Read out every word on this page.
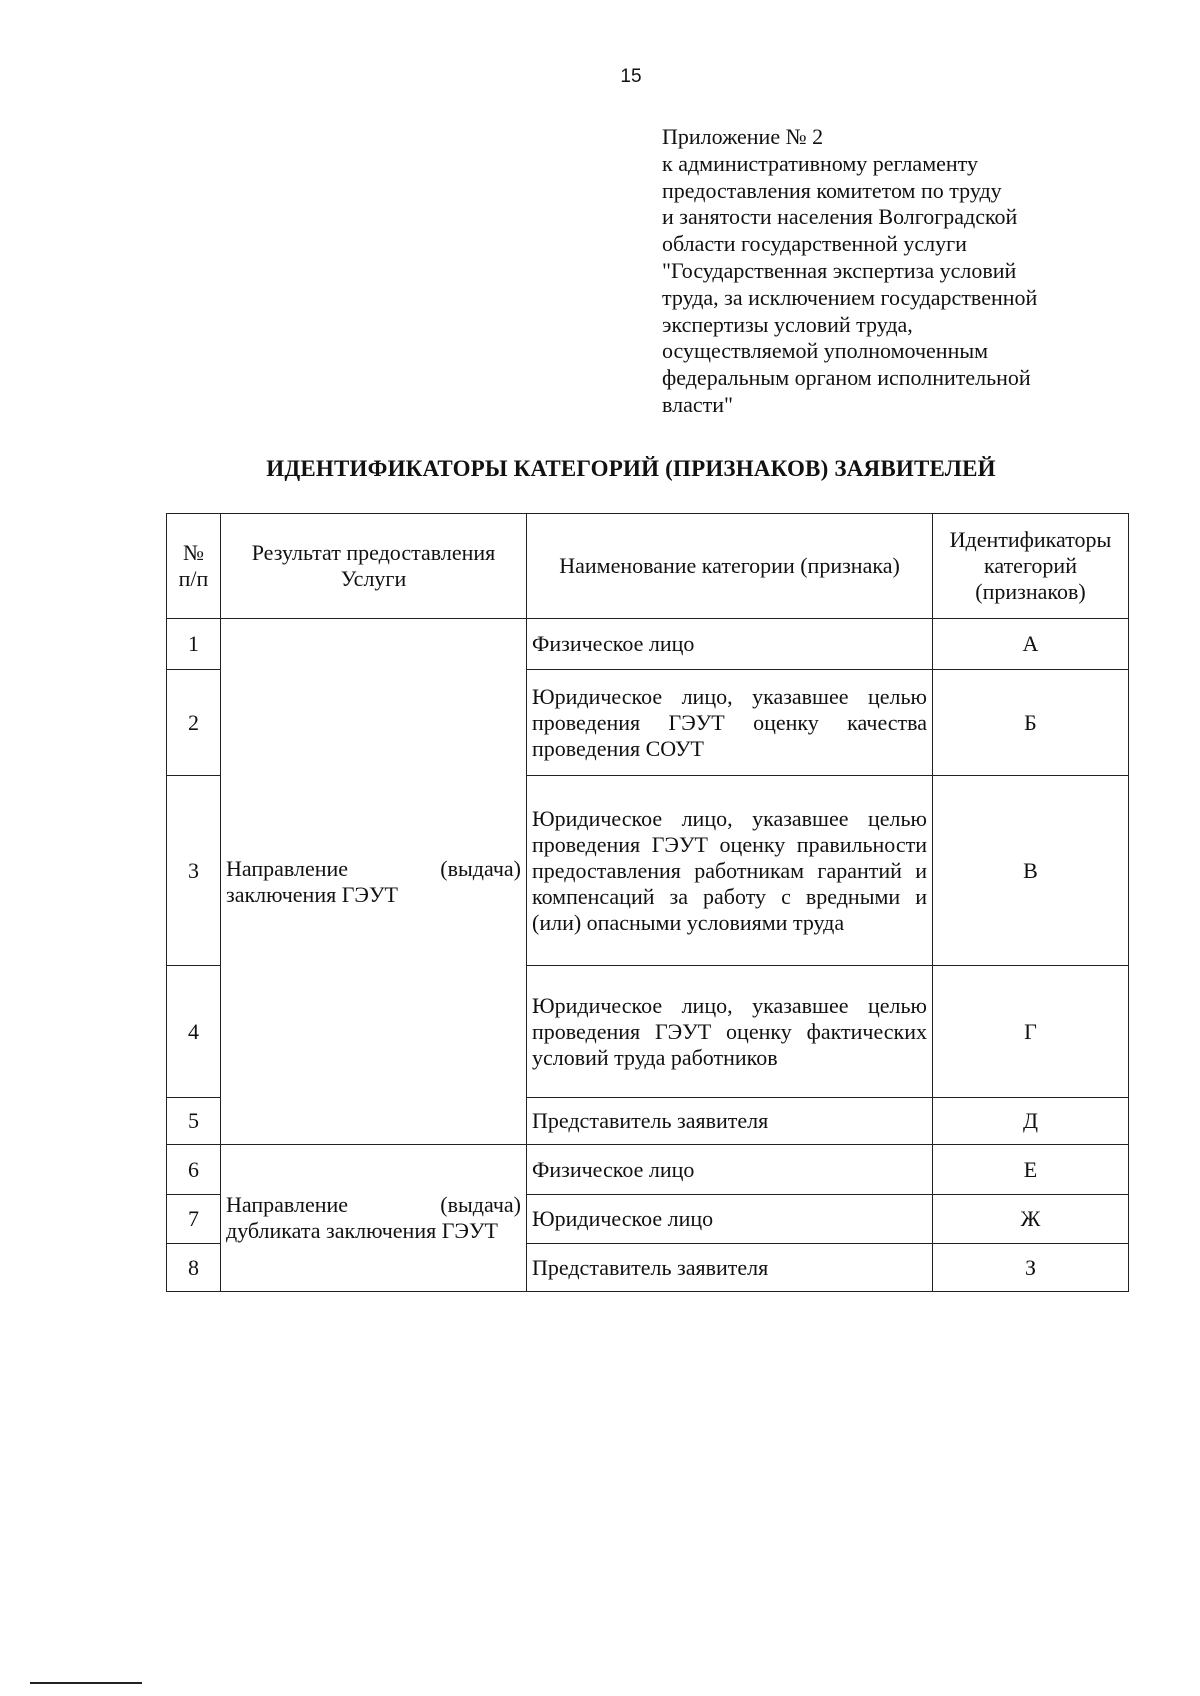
15
Приложение № 2
к административному регламенту
предоставления комитетом по труду
и занятости населения Волгоградской
области государственной услуги
"Государственная экспертиза условий
труда, за исключением государственной
экспертизы условий труда,
осуществляемой уполномоченным
федеральным органом исполнительной
власти"
ИДЕНТИФИКАТОРЫ КАТЕГОРИЙ (ПРИЗНАКОВ) ЗАЯВИТЕЛЕЙ
№ п/п	Результат предоставления Услуги	Наименование категории (признака)	Идентификаторы категорий (признаков)
1	Направление (выдача) заключения ГЭУТ	Физическое лицо	А
2		Юридическое лицо, указавшее целью проведения ГЭУТ оценку качества проведения СОУТ	Б
3		Юридическое лицо, указавшее целью проведения ГЭУТ оценку правильности предоставления работникам гарантий и компенсаций за работу с вредными и (или) опасными условиями труда	В
4		Юридическое лицо, указавшее целью проведения ГЭУТ оценку фактических условий труда работников	Г
5		Представитель заявителя	Д
6	Направление (выдача) дубликата заключения ГЭУТ	Физическое лицо	Е
7		Юридическое лицо	Ж
8		Представитель заявителя	З
